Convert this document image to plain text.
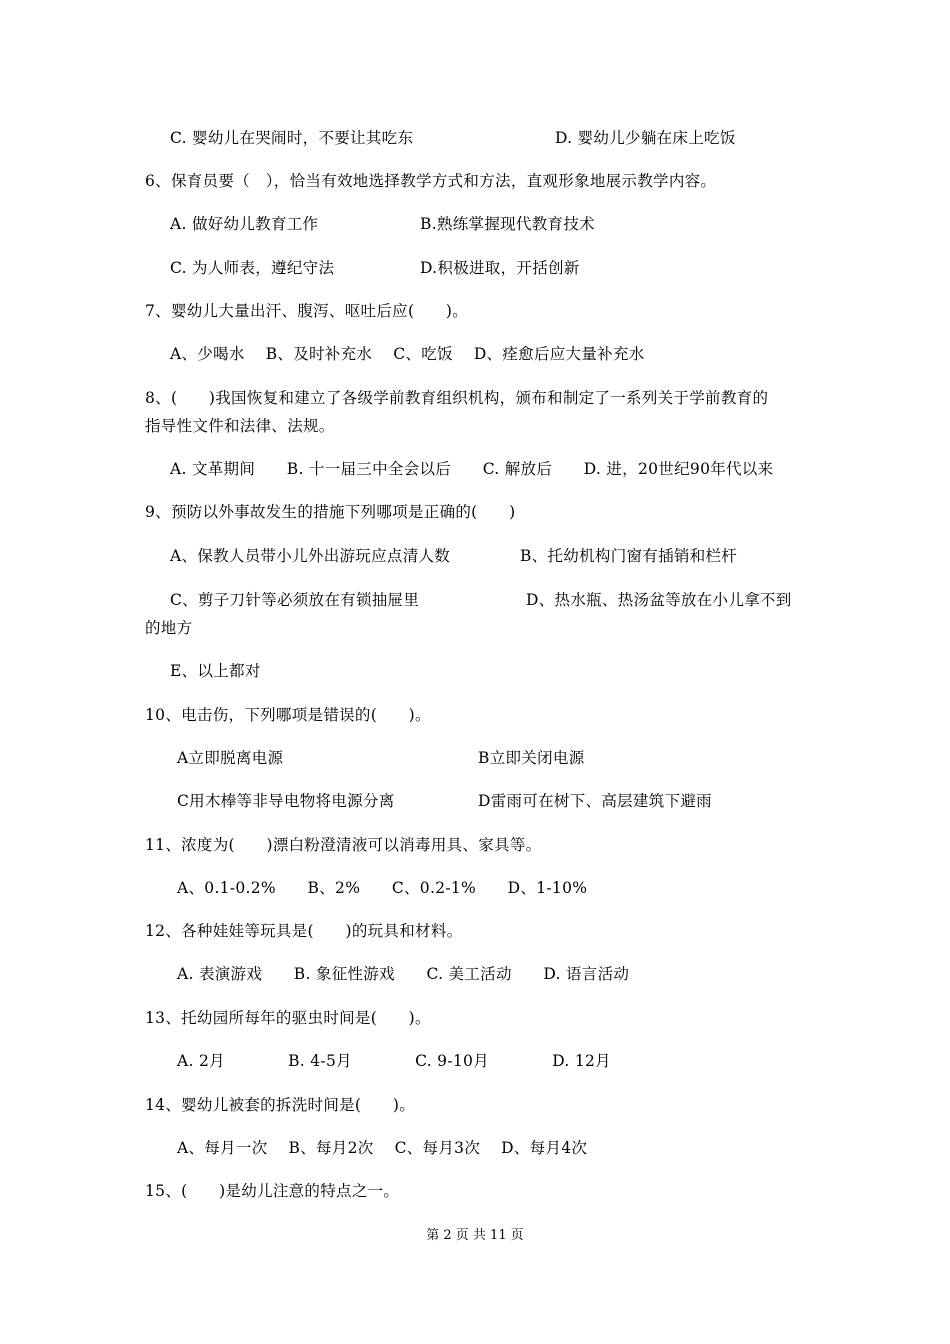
C. 婴幼儿在哭闹时，不要让其吃东	D. 婴幼儿少躺在床上吃饭
6、保育员要（　），恰当有效地选择教学方式和方法，直观形象地展示教学内容。
A. 做好幼儿教育工作	B.熟练掌握现代教育技术
C. 为人师表，遵纪守法	D.积极进取，开括创新
7、婴幼儿大量出汗、腹泻、呕吐后应(　　)。
A、少喝水　 B、及时补充水　 C、吃饭　 D、痊愈后应大量补充水
8、(　　)我国恢复和建立了各级学前教育组织机构，颁布和制定了一系列关于学前教育的
指导性文件和法律、法规。
A. 文革期间　　B. 十一届三中全会以后　　C. 解放后　　D. 进，20世纪90年代以来
9、预防以外事故发生的措施下列哪项是正确的(　　)
A、保教人员带小儿外出游玩应点清人数	B、托幼机构门窗有插销和栏杆
C、剪子刀针等必须放在有锁抽屉里	D、热水瓶、热汤盆等放在小儿拿不到
的地方
E、以上都对
10、电击伤，下列哪项是错误的(　　)。
A立即脱离电源	B立即关闭电源
C用木棒等非导电物将电源分离	D雷雨可在树下、高层建筑下避雨
11、浓度为(　　)漂白粉澄清液可以消毒用具、家具等。
A、0.1-0.2%　　B、2%　　C、0.2-1%　　D、1-10%
12、各种娃娃等玩具是(　　)的玩具和材料。
A. 表演游戏　　B. 象征性游戏　　C. 美工活动　　D. 语言活动
13、托幼园所每年的驱虫时间是(　　)。
A. 2月　　　　B. 4-5月　　　　C. 9-10月　　　　D. 12月
14、婴幼儿被套的拆洗时间是(　　)。
A、每月一次　 B、每月2次　 C、每月3次　 D、每月4次
15、(　　)是幼儿注意的特点之一。
第 2 页 共 11 页
